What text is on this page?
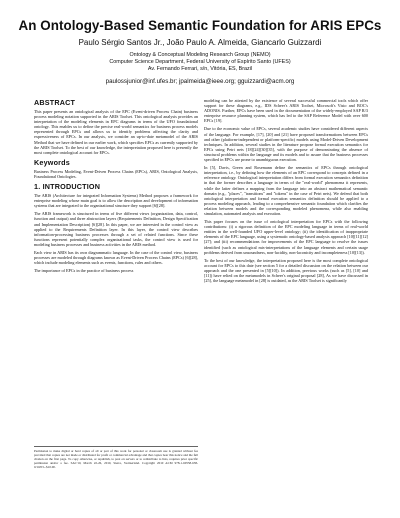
An Ontology-Based Semantic Foundation for ARIS EPCs
Paulo Sérgio Santos Jr., João Paulo A. Almeida, Giancarlo Guizzardi
Ontology & Conceptual Modeling Research Group (NEMO)
Computer Science Department, Federal University of Espírito Santo (UFES)
Av. Fernando Ferrari, s/n, Vitória, ES, Brazil
paulossjunior@inf.ufes.br; jpalmeida@ieee.org; gguizzardi@acm.org
ABSTRACT
This paper presents an ontological analysis of the EPC (Event-driven Process Chain) business process modeling notation supported in the ARIS Toolset. This ontological analysis provides an interpretation of the modeling elements in EPC diagrams in terms of the UFO foundational ontology. This enables us to define the precise real-world semantics for business process models represented through EPCs and allows us to identify problems affecting the clarity and expressiveness of EPCs. In our analysis, we consider an up-to-date metamodel of the ARIS Method that we have defined in our earlier work, which specifies EPCs as currently supported by the ARIS Toolset. To the best of our knowledge, the interpretation proposed here is presently the most complete ontological account for EPCs.
Keywords
Business Process Modeling, Event-Driven Process Chains (EPCs), ARIS, Ontological Analysis, Foundational Ontologies.
1. INTRODUCTION
The ARIS (Architecture for integrated Information Systems) Method proposes a framework for enterprise modeling whose main goal is to allow the description and development of information systems that are integrated to the organizational structure they support [6][28].
The ARIS framework is structured in terms of five different views (organization, data, control, function and output) and three abstraction layers (Requirements Definition, Design Specification and Implementation Description) [6][28]. In this paper, we are interested in the control view as applied to the Requirements Definition layer. In this layer, the control view describes information-processing business processes through a set of related functions. Since these functions represent potentially complex organizational tasks, the control view is used for modeling business processes and business activities in the ARIS method.
Each view in ARIS has its own diagrammatic language. In the case of the control view, business processes are modeled through diagrams known as Event-Driven Process Chains (EPCs) [6][28], which include modeling elements such as events, functions, rules and others.
The importance of EPCs in the practice of business process
Permission to make digital or hard copies of all or part of this work for personal or classroom use is granted without fee provided that copies are not made or distributed for profit or commercial advantage and that copies bear this notice and the full citation on the first page. To copy otherwise, or republish, to post on servers or to redistribute to lists, requires prior specific permission and/or a fee. SAC'10, March 22-26, 2010, Sierre, Switzerland. Copyright 2010 ACM 978-1-60558-638-0/10/03...$10.00.
modeling can be attested by the existence of several successful commercial tools which offer support for these diagrams, e.g., IDS Scheer's ARIS Toolset, Microsoft's Visio and BOC's ADONIS. Further, EPCs have been used in the documentation of the widely-employed SAP R/3 enterprise resource planning system, which has led to the SAP Reference Model with over 600 EPCs [19].
Due to the economic value of EPCs, several academic studies have considered different aspects of the language. For example, [17], [20] and [21] have proposed transformations between EPCs and other (platform-independent or platform-specific) models using Model-Driven Development techniques. In addition, several studies in the literature propose formal execution semantics for EPCs using Petri nets [18][24][30][35], with the purpose of demonstrating the absence of structural problems within the language and its models and to assure that the business processes specified in EPCs are prone to unambiguous execution.
In [5], Davis, Green and Rosemann define the semantics of EPCs through ontological interpretation, i.e., by defining how the elements of an EPC correspond to concepts defined in a reference ontology. Ontological interpretation differs from formal execution semantics definition in that the former describes a language in terms of the "real-world" phenomena it represents, while the latter defines a mapping from the language into an abstract mathematical semantic domain (e.g., "places", "transitions" and "tokens" in the case of Petri nets). We defend that both ontological interpretation and formal execution semantics definition should be applied to a process modeling approach, leading to a comprehensive semantic foundation which clarifies the relation between models and the corresponding modeled phenomena, while also enabling simulation, automated analysis and execution.
This paper focuses on the issue of ontological interpretation for EPCs with the following contributions: (i) a rigorous definition of the EPC modeling language in terms of real-world entities in the well-founded UFO upper-level ontology; (ii) the identification of inappropriate elements of the EPC language, using a systematic ontology-based analysis approach [10][11][12][27]; and (iii) recommendations for improvements of the EPC language to resolve the issues identified (such as ontological mis-interpretations of the language elements and certain usage problems derived from unsoundness, non-lucidity, non-laconicity and incompleteness [10][13]).
To the best of our knowledge, the interpretation proposed here is the most complete ontological account for EPCs to this date (see section 5 for a detailed discussion on the relation between our approach and the one presented in [5][10]). In addition, previous works (such as [5], [10] and [11]) have relied on the metamodels in Scheer's original proposal [28], As we have discussed in [25], the language metamodel in [28] is outdated, as the ARIS Toolset is significantly
